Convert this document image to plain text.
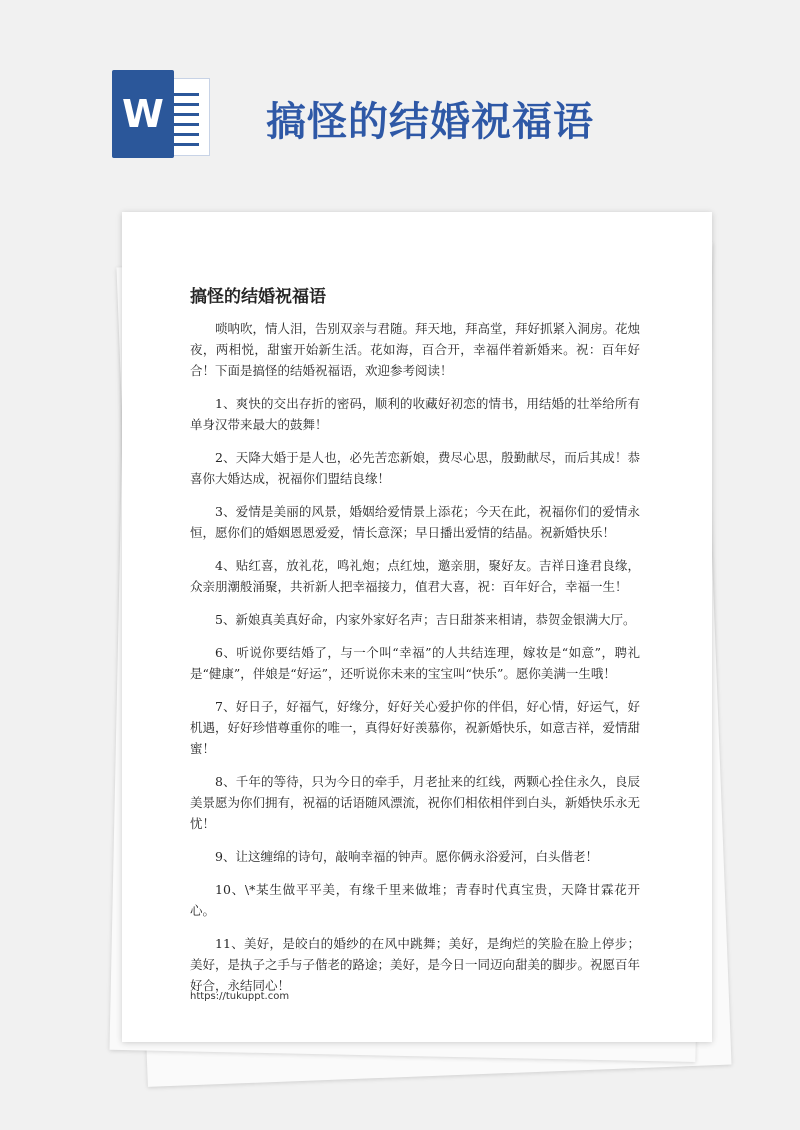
W	搞怪的结婚祝福语
搞怪的结婚祝福语

唢呐吹，情人泪，告别双亲与君随。拜天地，拜高堂，拜好抓紧入洞房。花烛夜，两相悦，甜蜜开始新生活。花如海，百合开，幸福伴着新婚来。祝：百年好合！下面是搞怪的结婚祝福语，欢迎参考阅读！

1、爽快的交出存折的密码，顺利的收藏好初恋的情书，用结婚的壮举给所有单身汉带来最大的鼓舞！

2、天降大婚于是人也，必先苦恋新娘，费尽心思，殷勤献尽，而后其成！恭喜你大婚达成，祝福你们盟结良缘！

3、爱情是美丽的风景，婚姻给爱情景上添花；今天在此，祝福你们的爱情永恒，愿你们的婚姻恩恩爱爱，情长意深；早日播出爱情的结晶。祝新婚快乐！

4、贴红喜，放礼花，鸣礼炮；点红烛，邀亲朋，聚好友。吉祥日逢君良缘，众亲朋潮般涌聚，共祈新人把幸福接力，值君大喜，祝：百年好合，幸福一生！

5、新娘真美真好命，内家外家好名声；吉日甜茶来相请，恭贺金银满大厅。

6、听说你要结婚了，与一个叫“幸福”的人共结连理，嫁妆是“如意”，聘礼是“健康”，伴娘是“好运”，还听说你未来的宝宝叫“快乐”。愿你美满一生哦！

7、好日子，好福气，好缘分，好好关心爱护你的伴侣，好心情，好运气，好机遇，好好珍惜尊重你的唯一，真得好好羡慕你，祝新婚快乐，如意吉祥，爱情甜蜜！

8、千年的等待，只为今日的牵手，月老扯来的红线，两颗心拴住永久，良辰美景愿为你们拥有，祝福的话语随风漂流，祝你们相依相伴到白头，新婚快乐永无忧！

9、让这缠绵的诗句，敲响幸福的钟声。愿你俩永浴爱河，白头偕老！

10、\*某生做平平美，有缘千里来做堆；青春时代真宝贵，天降甘霖花开心。

11、美好，是皎白的婚纱的在风中跳舞；美好，是绚烂的笑脸在脸上停步；美好，是执子之手与子偕老的路途；美好，是今日一同迈向甜美的脚步。祝愿百年好合，永结同心！

https://tukuppt.com
